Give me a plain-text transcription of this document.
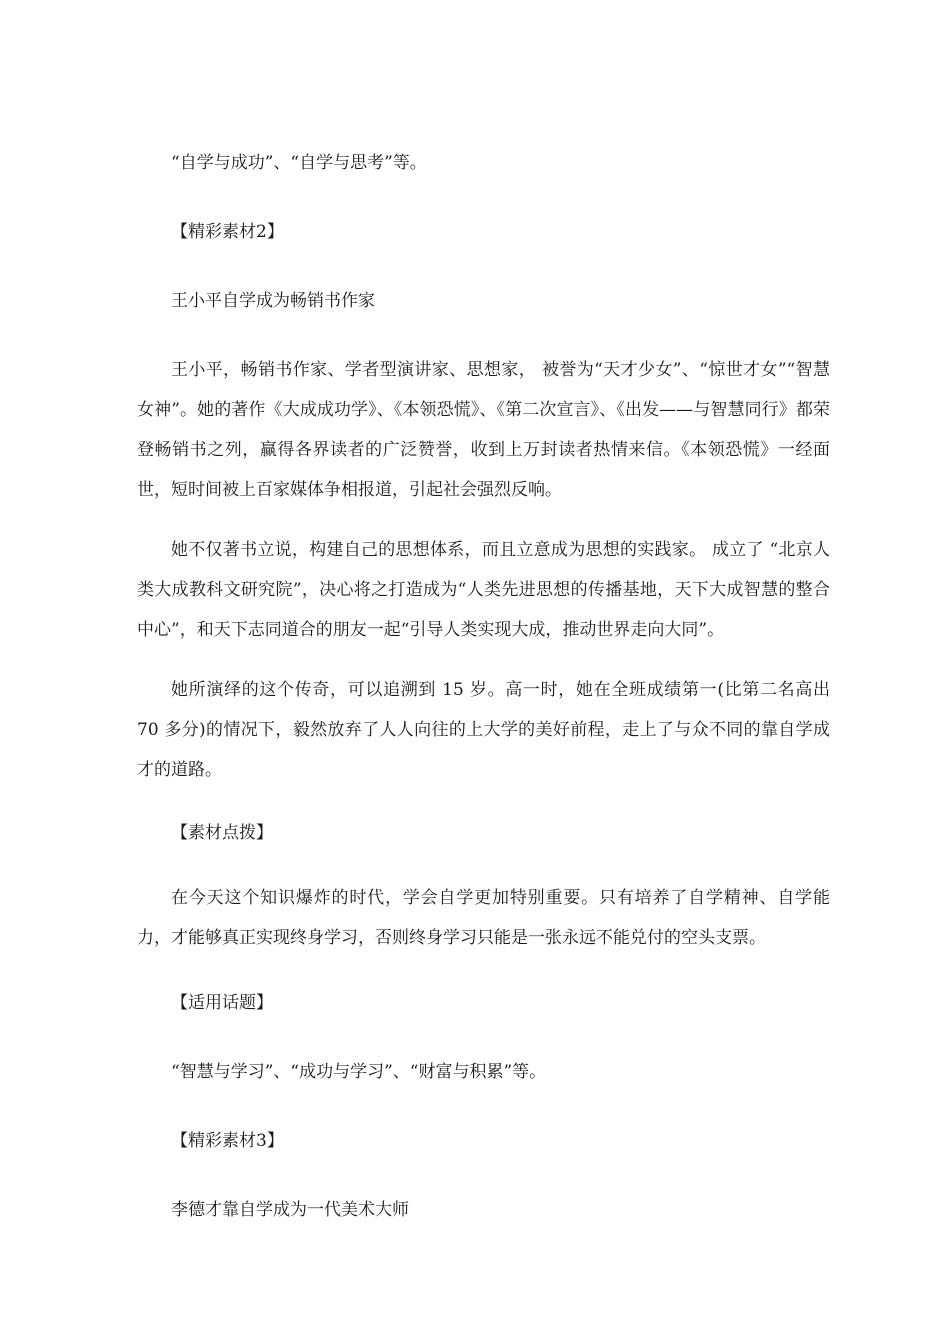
“自学与成功”、“自学与思考”等。

【精彩素材2】

王小平自学成为畅销书作家

王小平，畅销书作家、学者型演讲家、思想家， 被誉为“天才少女”、“惊世才女”“智慧女神”。她的著作《大成成功学》、《本领恐慌》、《第二次宣言》、《出发——与智慧同行》都荣登畅销书之列，赢得各界读者的广泛赞誉，收到上万封读者热情来信。《本领恐慌》一经面世，短时间被上百家媒体争相报道，引起社会强烈反响。

她不仅著书立说，构建自己的思想体系，而且立意成为思想的实践家。 成立了 “北京人类大成教科文研究院”，决心将之打造成为“人类先进思想的传播基地，天下大成智慧的整合中心”，和天下志同道合的朋友一起“引导人类实现大成，推动世界走向大同”。

她所演绎的这个传奇，可以追溯到 15 岁。高一时，她在全班成绩第一(比第二名高出 70 多分)的情况下，毅然放弃了人人向往的上大学的美好前程，走上了与众不同的靠自学成才的道路。

【素材点拨】

在今天这个知识爆炸的时代，学会自学更加特别重要。只有培养了自学精神、自学能力，才能够真正实现终身学习，否则终身学习只能是一张永远不能兑付的空头支票。

【适用话题】

“智慧与学习”、“成功与学习”、“财富与积累”等。

【精彩素材3】

李德才靠自学成为一代美术大师
